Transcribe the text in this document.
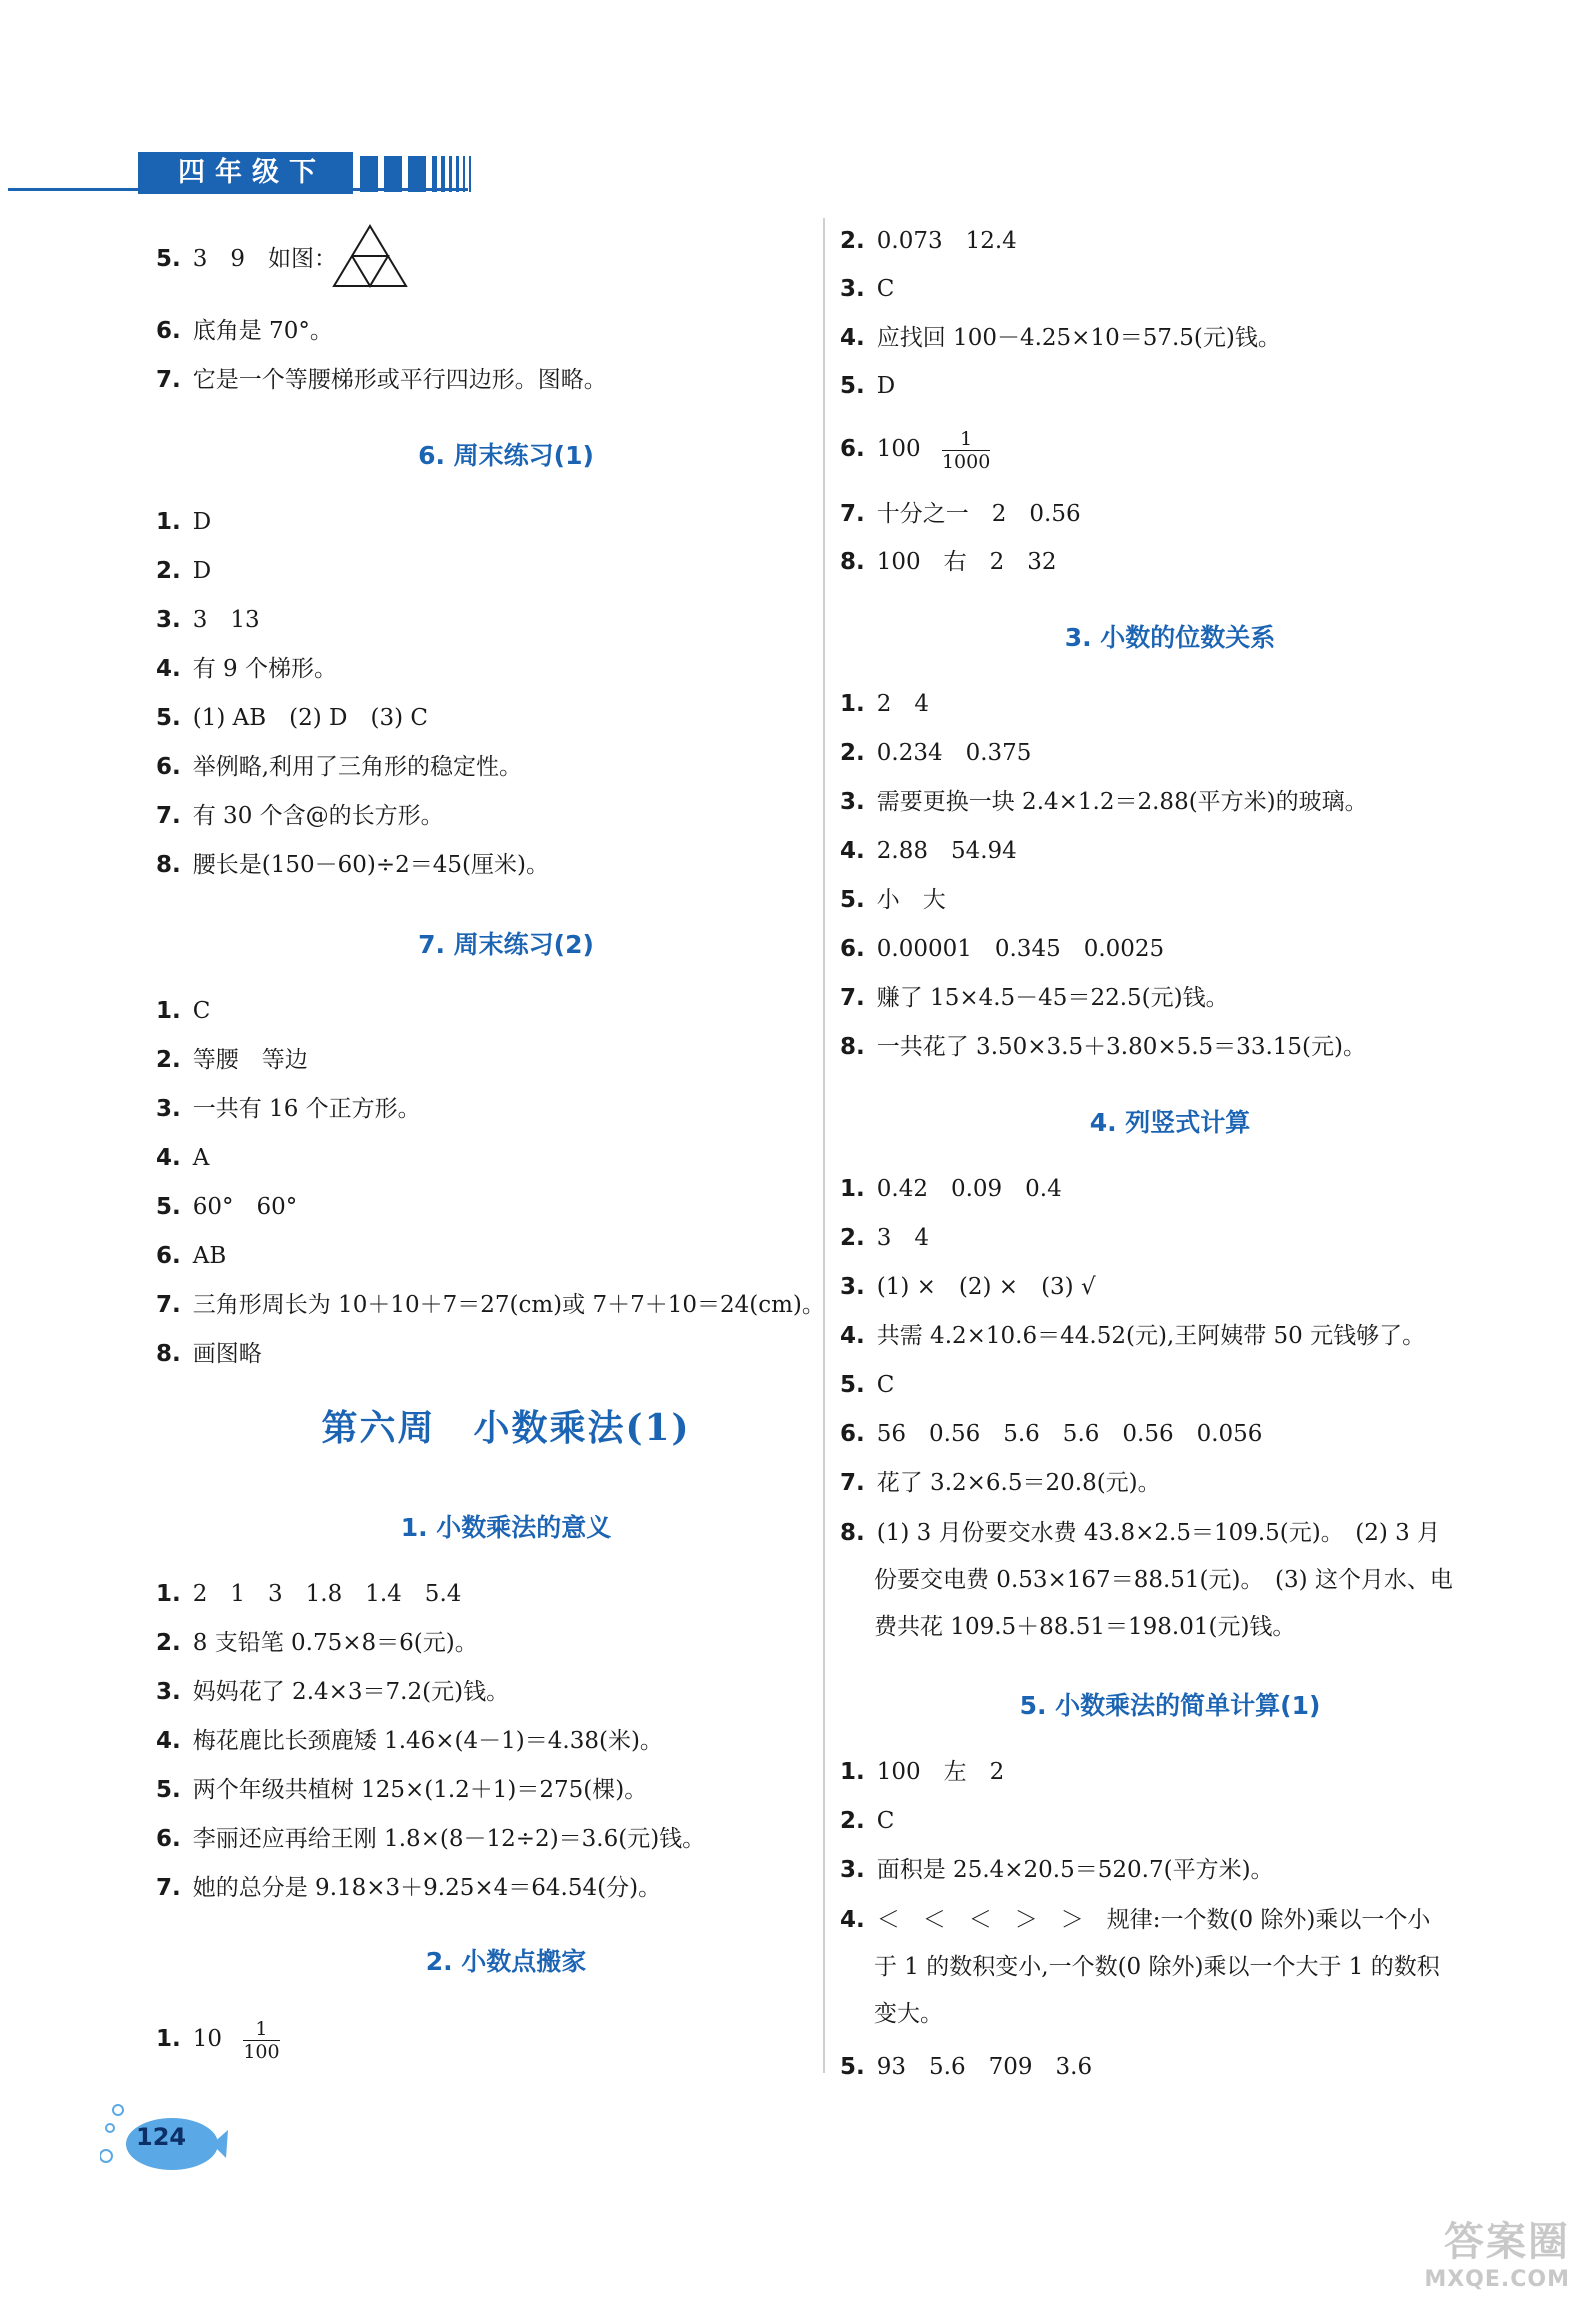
四年级下
5. 3　9　如图：
6. 底角是 70°。
7. 它是一个等腰梯形或平行四边形。图略。
6. 周末练习(1)
1. D
2. D
3. 3　13
4. 有 9 个梯形。
5. (1) AB　(2) D　(3) C
6. 举例略,利用了三角形的稳定性。
7. 有 30 个含@的长方形。
8. 腰长是(150－60)÷2＝45(厘米)。
7. 周末练习(2)
1. C
2. 等腰　等边
3. 一共有 16 个正方形。
4. A
5. 60°　60°
6. AB
7. 三角形周长为 10＋10＋7＝27(cm)或 7＋7＋10＝24(cm)。
8. 画图略
第六周　小数乘法(1)
1. 小数乘法的意义
1. 2　1　3　1.8　1.4　5.4
2. 8 支铅笔 0.75×8＝6(元)。
3. 妈妈花了 2.4×3＝7.2(元)钱。
4. 梅花鹿比长颈鹿矮 1.46×(4－1)＝4.38(米)。
5. 两个年级共植树 125×(1.2＋1)＝275(棵)。
6. 李丽还应再给王刚 1.8×(8－12÷2)＝3.6(元)钱。
7. 她的总分是 9.18×3＋9.25×4＝64.54(分)。
2. 小数点搬家
1. $10 \frac{1}{100}$
2. 0.073　12.4
3. C
4. 应找回 100－4.25×10＝57.5(元)钱。
5. D
6. $100 \frac{1}{1000}$
7. 十分之一　2　0.56
8. 100　右　2　32
3. 小数的位数关系
1. 2　4
2. 0.234　0.375
3. 需要更换一块 2.4×1.2＝2.88(平方米)的玻璃。
4. 2.88　54.94
5. 小　大
6. 0.00001　0.345　0.0025
7. 赚了 15×4.5－45＝22.5(元)钱。
8. 一共花了 3.50×3.5＋3.80×5.5＝33.15(元)。
4. 列竖式计算
1. 0.42　0.09　0.4
2. 3　4
3. (1) ×　(2) ×　(3) √
4. 共需 4.2×10.6＝44.52(元),王阿姨带 50 元钱够了。
5. C
6. 56　0.56　5.6　5.6　0.56　0.056
7. 花了 3.2×6.5＝20.8(元)。
8. (1) 3 月份要交水费 43.8×2.5＝109.5(元)。　(2) 3 月
份要交电费 0.53×167＝88.51(元)。　(3) 这个月水、电
费共花 109.5＋88.51＝198.01(元)钱。
5. 小数乘法的简单计算(1)
1. 100　左　2
2. C
3. 面积是 25.4×20.5＝520.7(平方米)。
4. ＜　＜　＜　＞　＞　规律:一个数(0 除外)乘以一个小
于 1 的数积变小,一个数(0 除外)乘以一个大于 1 的数积
变大。
5. 93　5.6　709　3.6
124
答案圈
MXQE.COM
